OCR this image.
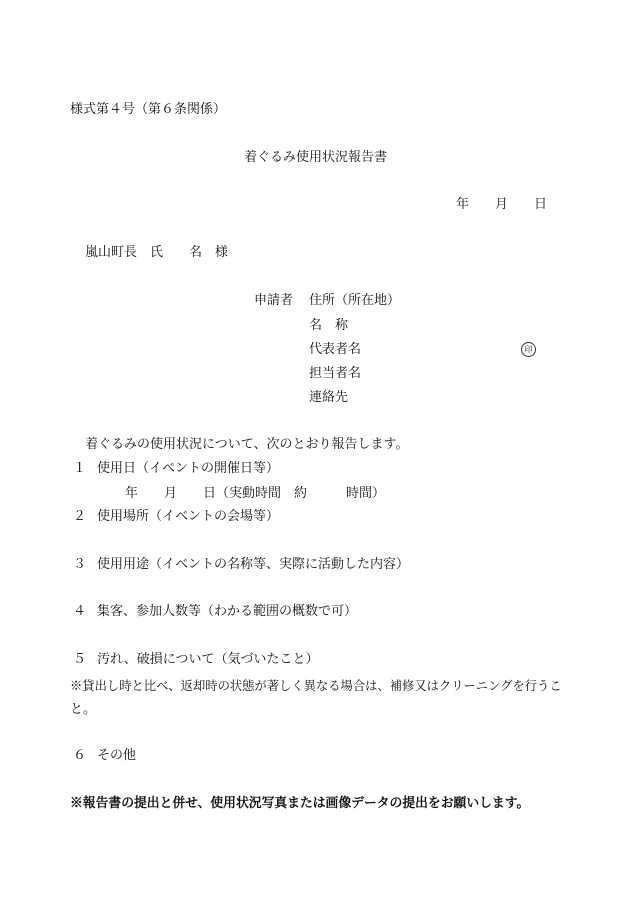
様式第４号（第６条関係）
着ぐるみ使用状況報告書
年　　月　　日
嵐山町長　氏　　名　様
申請者 住所（所在地）
名　称
代表者名	印
担当者名
連絡先
着ぐるみの使用状況について、次のとおり報告します。
１ 使用日（イベントの開催日等）
年　　月　　日（実動時間　約　　　時間）
２ 使用場所（イベントの会場等）
３ 使用用途（イベントの名称等、実際に活動した内容）
４ 集客、参加人数等（わかる範囲の概数で可）
５ 汚れ、破損について（気づいたこと）
※貸出し時と比べ、返却時の状態が著しく異なる場合は、補修又はクリーニングを行うこ
と。
６ その他
※報告書の提出と併せ、使用状況写真または画像データの提出をお願いします。
